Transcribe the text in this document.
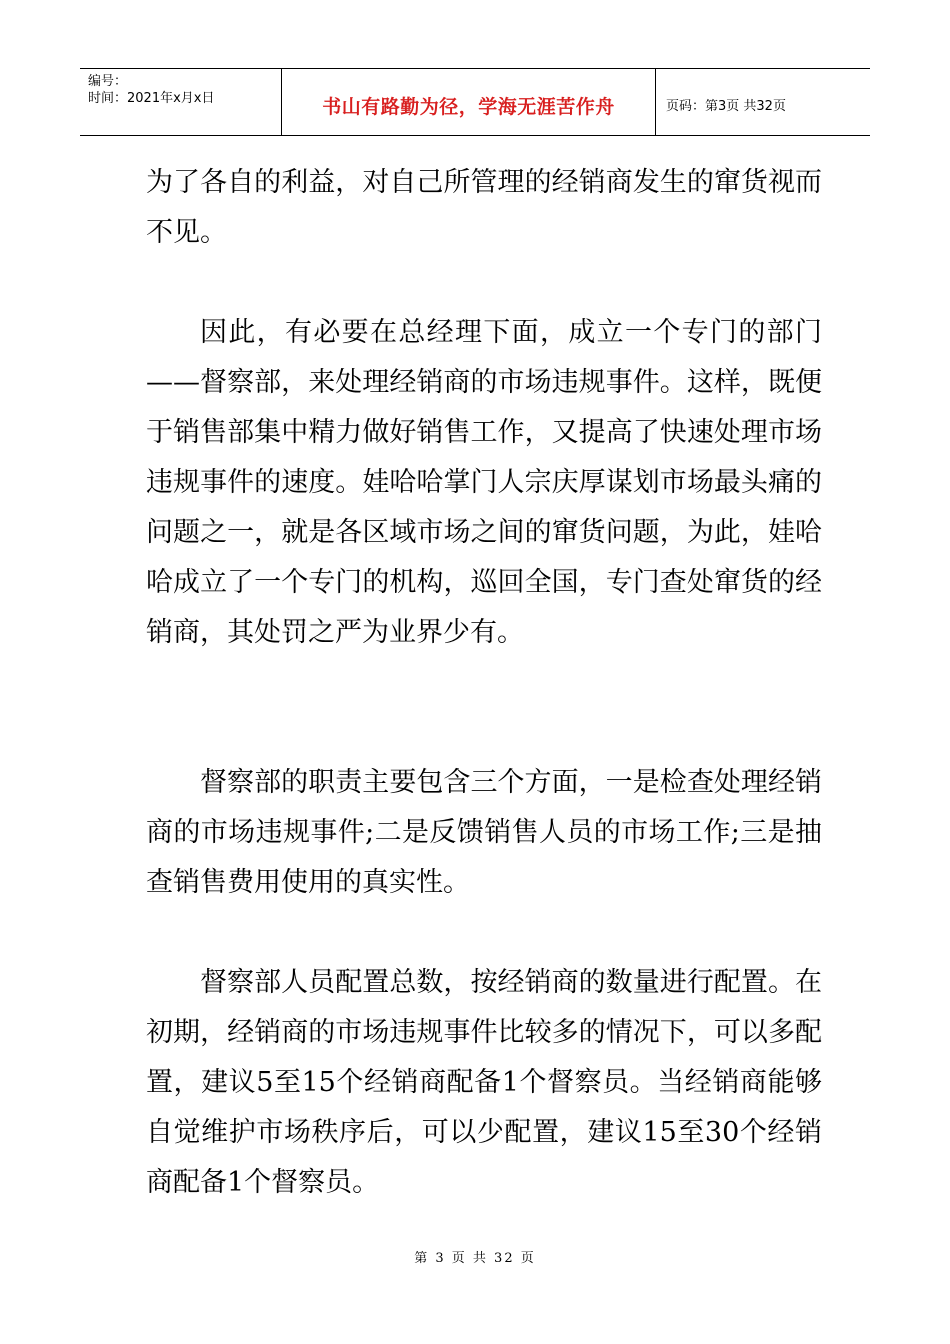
编号：
时间：2021年x月x日	书山有路勤为径，学海无涯苦作舟	页码：第3页 共32页

为了各自的利益，对自己所管理的经销商发生的窜货视而不见。

因此，有必要在总经理下面，成立一个专门的部门——督察部，来处理经销商的市场违规事件。这样，既便于销售部集中精力做好销售工作，又提高了快速处理市场违规事件的速度。娃哈哈掌门人宗庆厚谋划市场最头痛的问题之一，就是各区域市场之间的窜货问题，为此，娃哈哈成立了一个专门的机构，巡回全国，专门查处窜货的经销商，其处罚之严为业界少有。

督察部的职责主要包含三个方面，一是检查处理经销商的市场违规事件;二是反馈销售人员的市场工作;三是抽查销售费用使用的真实性。

督察部人员配置总数，按经销商的数量进行配置。在初期，经销商的市场违规事件比较多的情况下，可以多配置，建议5至15个经销商配备1个督察员。当经销商能够自觉维护市场秩序后，可以少配置，建议15至30个经销商配备1个督察员。

第 3 页 共 32 页
